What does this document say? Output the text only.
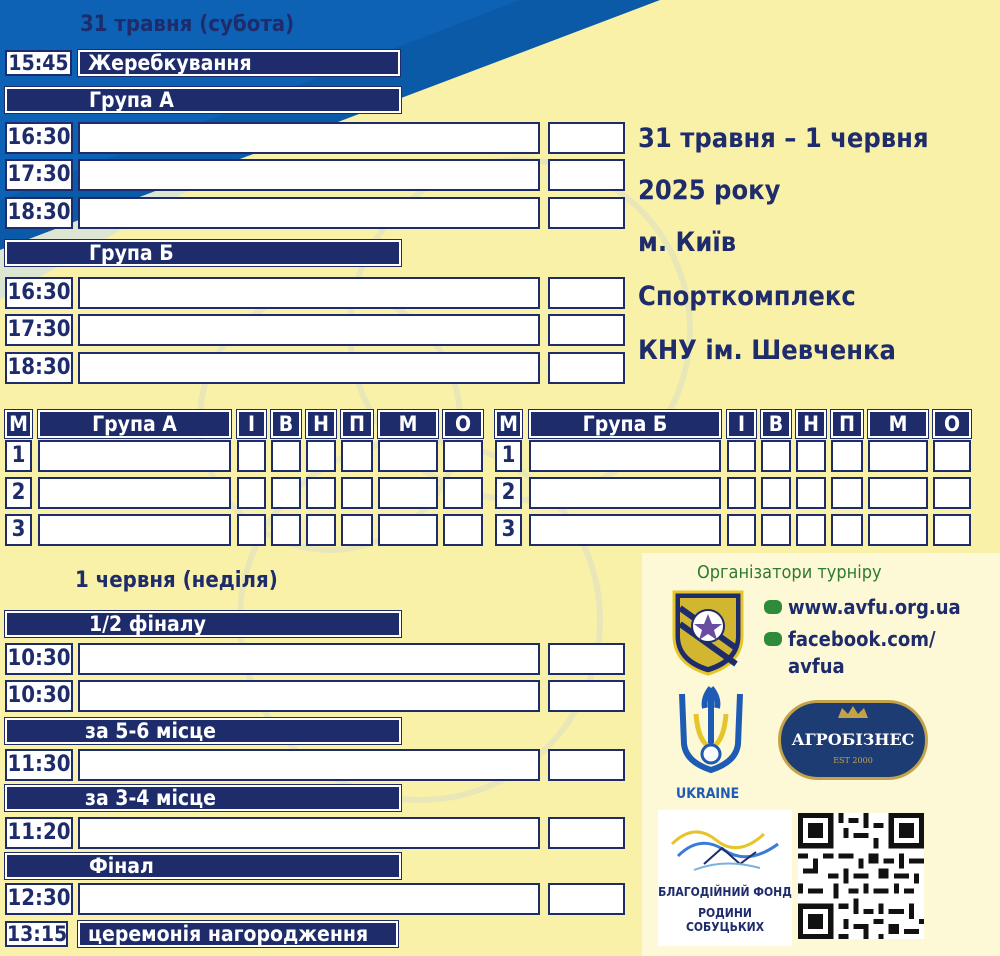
31 травня (субота)
15:45 Жеребкування
Група А
16:30
17:30
18:30
Група Б
16:30
17:30
18:30
31 травня – 1 червня
2025 року
м. Київ
Спорткомплекс
КНУ ім. Шевченка
М	Група А	І	В Н П	М	О
1
2
3
М	Група Б	І	В Н П	М	О
1
2
3
1 червня (неділя)
1/2 фіналу
10:30
10:30
за 5-6 місце
11:30
за 3-4 місце
11:20
Фінал
12:30
13:15 церемонія нагородження
Організатори турніру
www.avfu.org.ua
facebook.com/
avfua
UKRAINE
АГРОБІЗНЕС
EST 2000
БЛАГОДІЙНИЙ ФОНД
РОДИНИ СОБУЦЬКИХ
